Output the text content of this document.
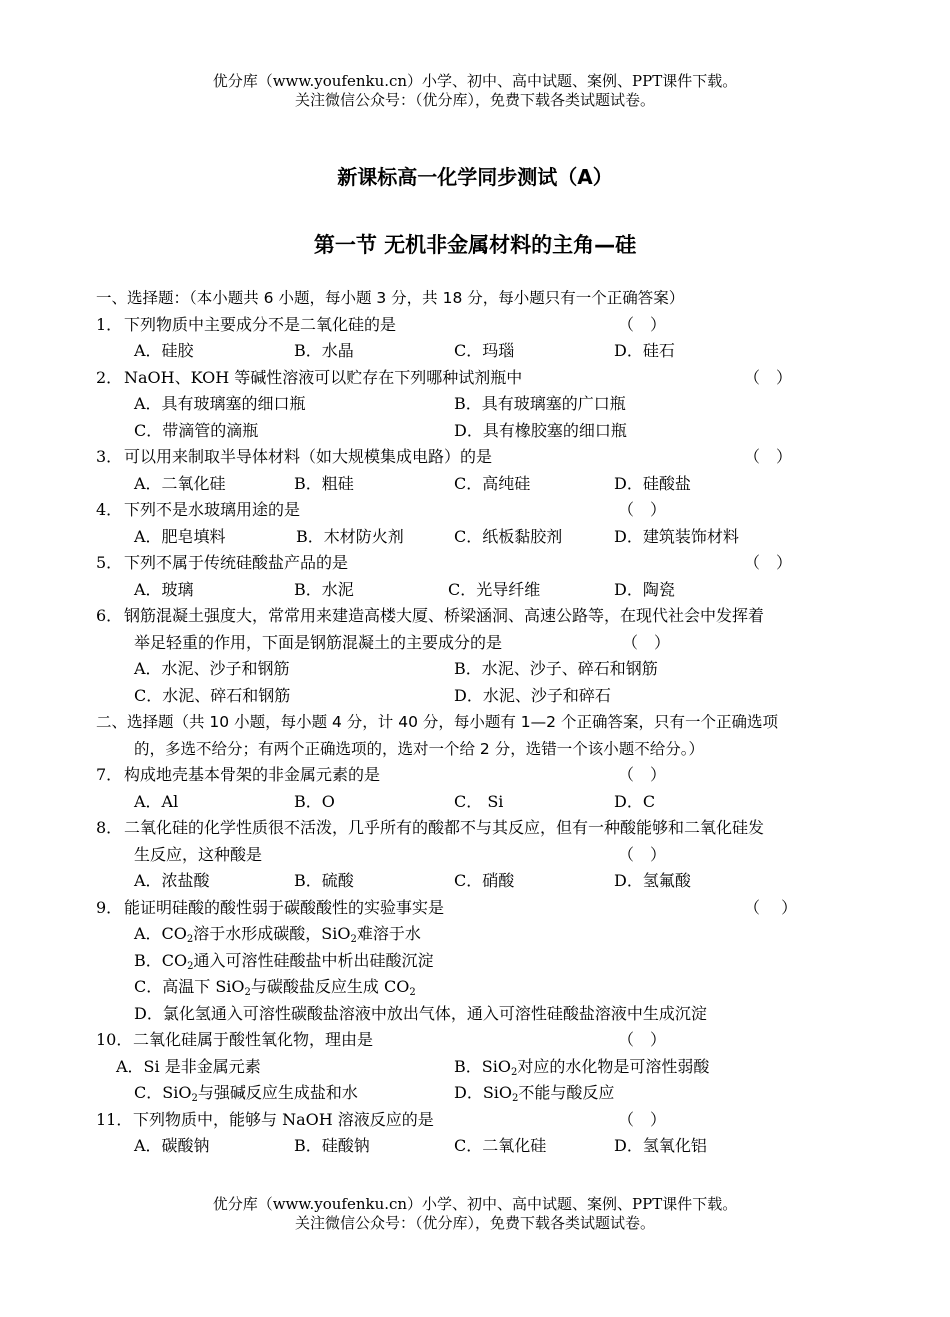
优分库（www.youfenku.cn）小学、初中、高中试题、案例、PPT课件下载。
关注微信公众号：（优分库），免费下载各类试题试卷。
新课标高一化学同步测试（A）
第一节 无机非金属材料的主角—硅
一、选择题：（本小题共 6 小题，每小题 3 分，共 18 分，每小题只有一个正确答案）
1． 下列物质中主要成分不是二氧化硅的是	（　）
A．硅胶	B．水晶	C．玛瑙	D．硅石
2． NaOH、KOH 等碱性溶液可以贮存在下列哪种试剂瓶中	（　）
A．具有玻璃塞的细口瓶	B．具有玻璃塞的广口瓶
C．带滴管的滴瓶	D．具有橡胶塞的细口瓶
3． 可以用来制取半导体材料（如大规模集成电路）的是	（　）
A．二氧化硅	B．粗硅	C．高纯硅	D．硅酸盐
4． 下列不是水玻璃用途的是	（　）
A．肥皂填料	B．木材防火剂	C．纸板黏胶剂	D．建筑装饰材料
5． 下列不属于传统硅酸盐产品的是	（　）
A．玻璃	B．水泥	C．光导纤维	D．陶瓷
6． 钢筋混凝土强度大，常常用来建造高楼大厦、桥梁涵洞、高速公路等，在现代社会中发挥着
举足轻重的作用，下面是钢筋混凝土的主要成分的是	（　）
A．水泥、沙子和钢筋	B．水泥、沙子、碎石和钢筋
C．水泥、碎石和钢筋	D．水泥、沙子和碎石
二、选择题（共 10 小题，每小题 4 分，计 40 分，每小题有 1—2 个正确答案，只有一个正确选项
的，多选不给分；有两个正确选项的，选对一个给 2 分，选错一个该小题不给分。）
7． 构成地壳基本骨架的非金属元素的是	（　）
A．Al	B．O	C． Si	D．C
8． 二氧化硅的化学性质很不活泼，几乎所有的酸都不与其反应，但有一种酸能够和二氧化硅发
生反应，这种酸是	（　）
A．浓盐酸	B．硫酸	C．硝酸	D．氢氟酸
9． 能证明硅酸的酸性弱于碳酸酸性的实验事实是	（　 ）
A．$CO_2$溶于水形成碳酸，SiO$_2$难溶于水
B．$CO_2$通入可溶性硅酸盐中析出硅酸沉淀
C．高温下 SiO$_2$与碳酸盐反应生成 $CO_2$
D．氯化氢通入可溶性碳酸盐溶液中放出气体，通入可溶性硅酸盐溶液中生成沉淀
10． 二氧化硅属于酸性氧化物，理由是	（　）
A．Si 是非金属元素	B．SiO$_2$对应的水化物是可溶性弱酸
C．SiO$_2$与强碱反应生成盐和水	D．SiO$_2$不能与酸反应
11． 下列物质中，能够与 NaOH 溶液反应的是	（　）
A．碳酸钠	B．硅酸钠	C．二氧化硅	D．氢氧化铝
优分库（www.youfenku.cn）小学、初中、高中试题、案例、PPT课件下载。
关注微信公众号：（优分库），免费下载各类试题试卷。
